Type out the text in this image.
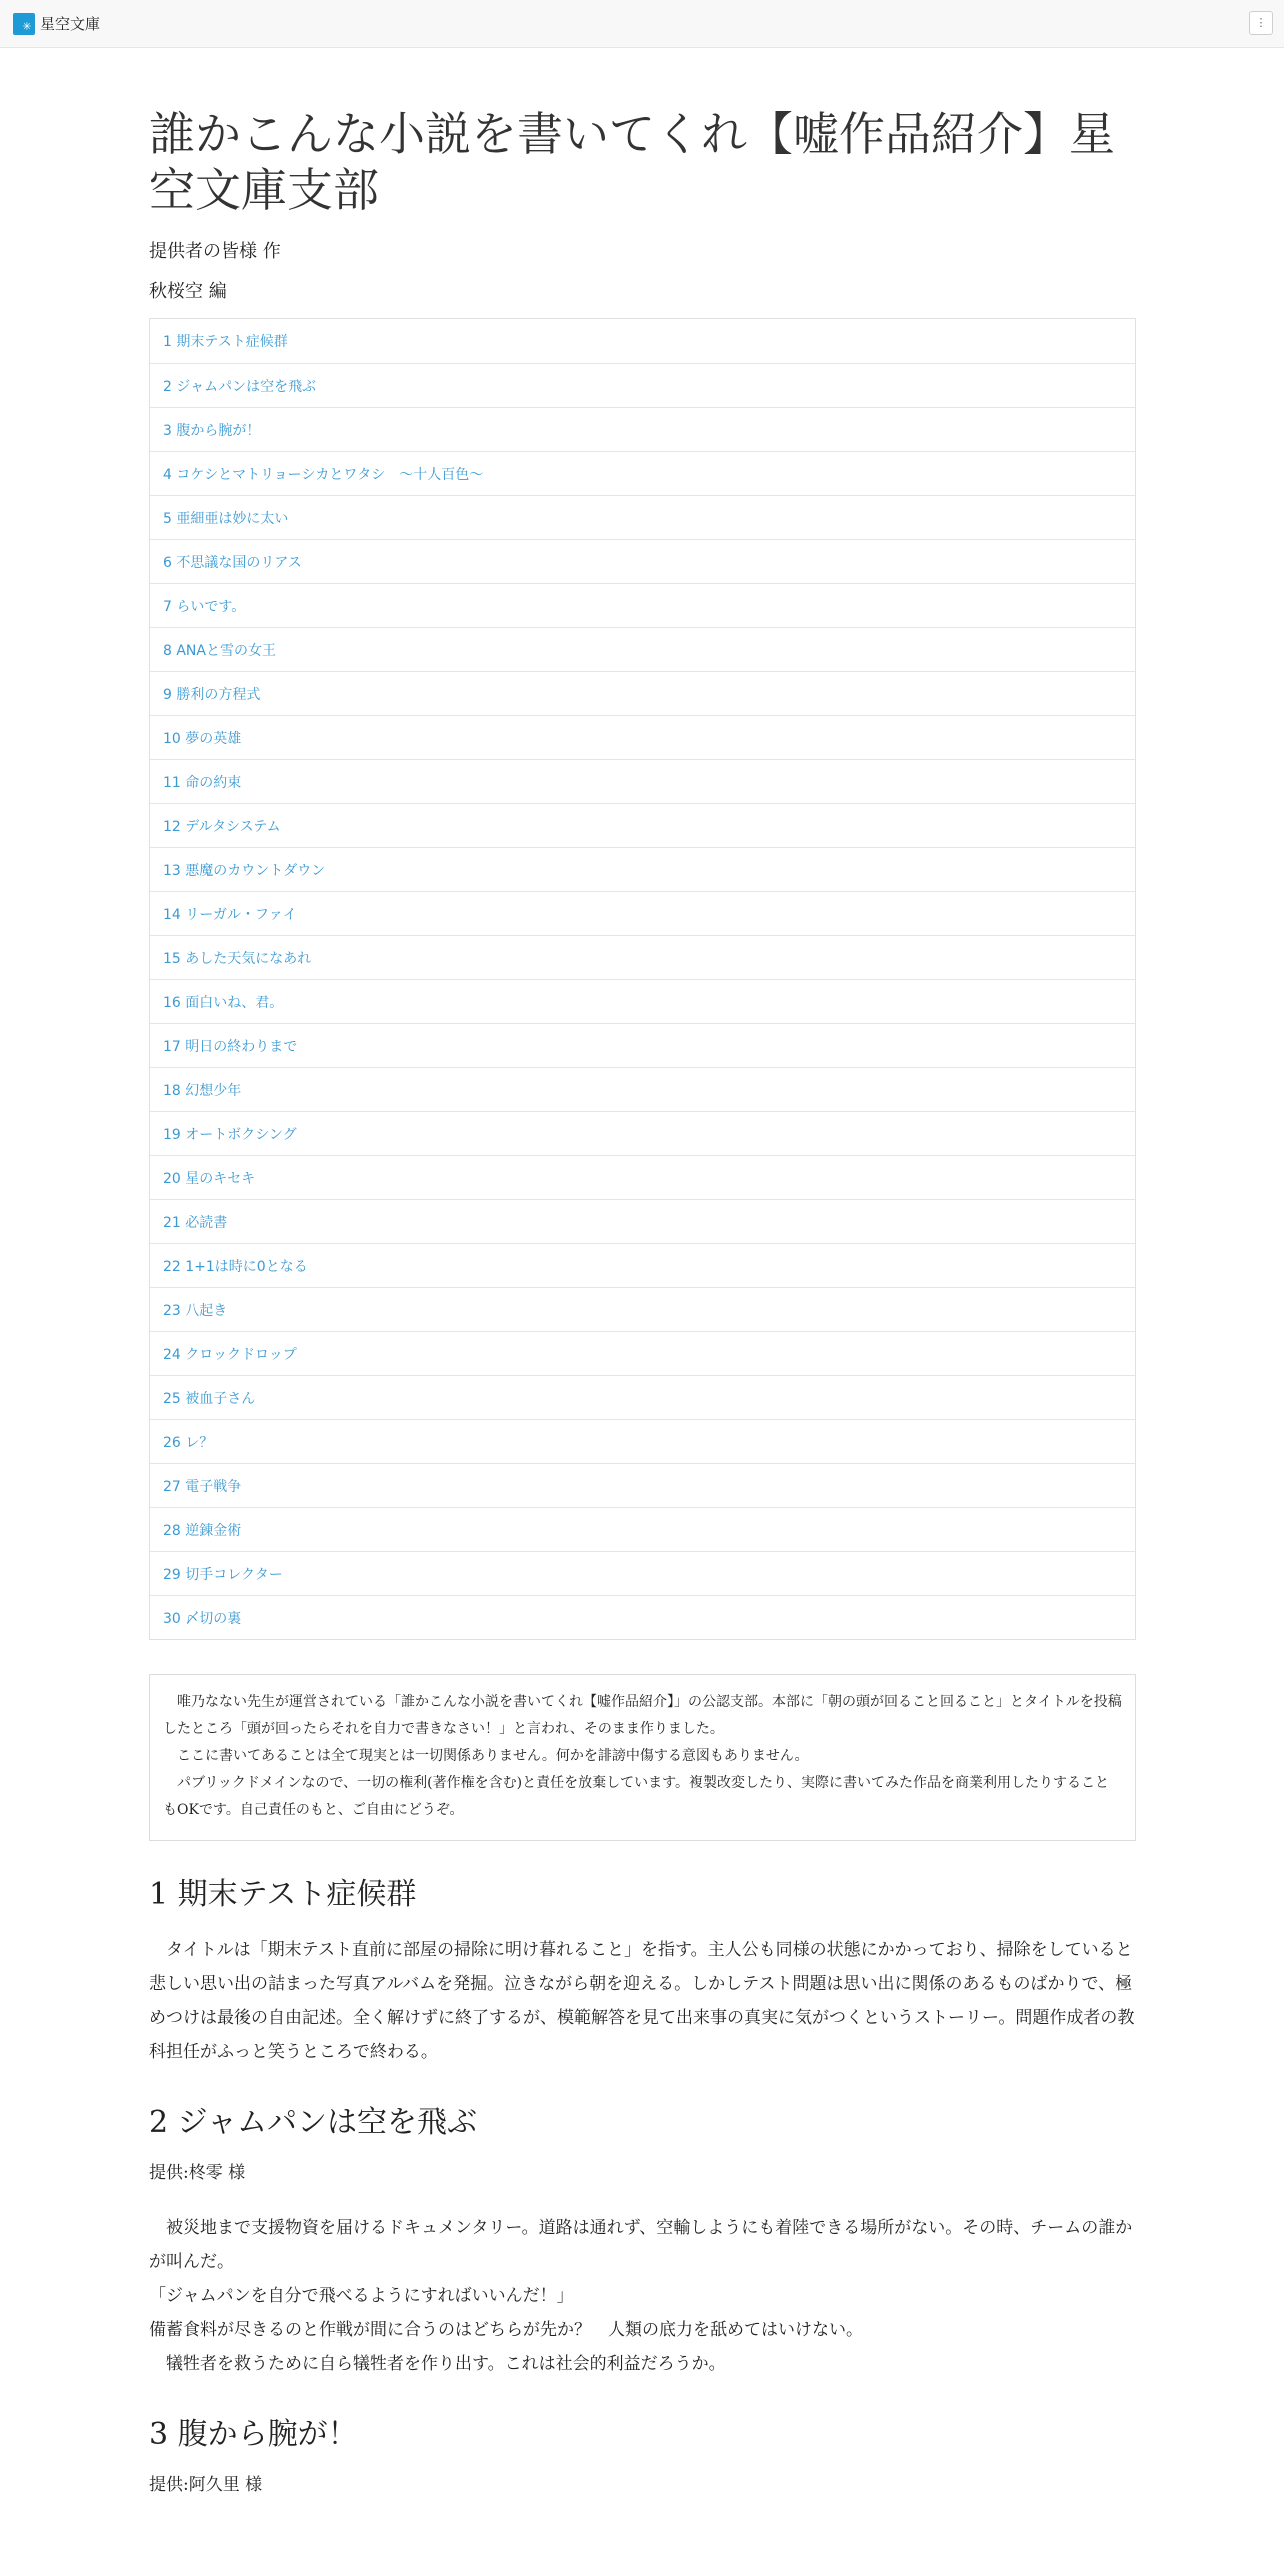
✳ 星空文庫	⋮
誰かこんな小説を書いてくれ【嘘作品紹介】星空文庫支部

提供者の皆様 作

秋桜空 編

1 期末テスト症候群
2 ジャムパンは空を飛ぶ
3 腹から腕が！
4 コケシとマトリョーシカとワタシ　～十人百色～
5 亜細亜は妙に太い
6 不思議な国のリアス
7 らいです。
8 ANAと雪の女王
9 勝利の方程式
10 夢の英雄
11 命の約束
12 デルタシステム
13 悪魔のカウントダウン
14 リーガル・ファイ
15 あした天気になあれ
16 面白いね、君。
17 明日の終わりまで
18 幻想少年
19 オートボクシング
20 星のキセキ
21 必読書
22 1+1は時に0となる
23 八起き
24 クロックドロップ
25 被血子さん
26 レ？
27 電子戦争
28 逆錬金術
29 切手コレクター
30 〆切の裏

唯乃なない先生が運営されている「誰かこんな小説を書いてくれ【嘘作品紹介】」の公認支部。本部に「朝の頭が回ること回ること」とタイトルを投稿したところ「頭が回ったらそれを自力で書きなさい！」と言われ、そのまま作りました。

ここに書いてあることは全て現実とは一切関係ありません。何かを誹謗中傷する意図もありません。

パブリックドメインなので、一切の権利(著作権を含む)と責任を放棄しています。複製改変したり、実際に書いてみた作品を商業利用したりすることもOKです。自己責任のもと、ご自由にどうぞ。

1 期末テスト症候群

タイトルは「期末テスト直前に部屋の掃除に明け暮れること」を指す。主人公も同様の状態にかかっており、掃除をしていると悲しい思い出の詰まった写真アルバムを発掘。泣きながら朝を迎える。しかしテスト問題は思い出に関係のあるものばかりで、極めつけは最後の自由記述。全く解けずに終了するが、模範解答を見て出来事の真実に気がつくというストーリー。問題作成者の教科担任がふっと笑うところで終わる。

2 ジャムパンは空を飛ぶ

提供:柊零 様

被災地まで支援物資を届けるドキュメンタリー。道路は通れず、空輸しようにも着陸できる場所がない。その時、チームの誰かが叫んだ。

「ジャムパンを自分で飛べるようにすればいいんだ！」

備蓄食料が尽きるのと作戦が間に合うのはどちらが先か？　人類の底力を舐めてはいけない。

犠牲者を救うために自ら犠牲者を作り出す。これは社会的利益だろうか。

3 腹から腕が！

提供:阿久里 様
